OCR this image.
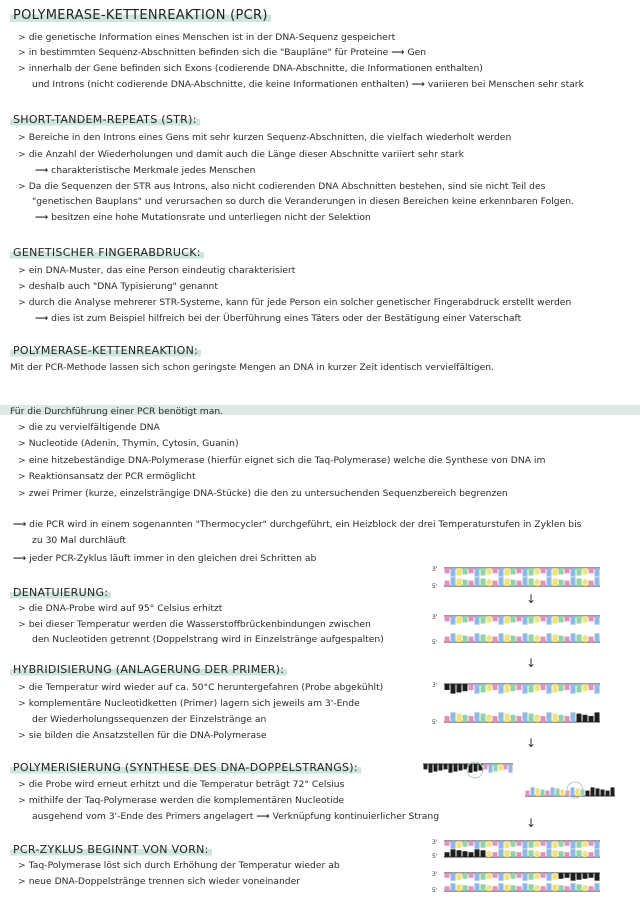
POLYMERASE-KETTENREAKTION (PCR)
> die genetische Information eines Menschen ist in der DNA-Sequenz gespeichert
> in bestimmten Sequenz-Abschnitten befinden sich die "Baupläne" für Proteine ⟶ Gen
> innerhalb der Gene befinden sich Exons (codierende DNA-Abschnitte, die Informationen enthalten)
und Introns (nicht codierende DNA-Abschnitte, die keine Informationen enthalten) ⟶ variieren bei Menschen sehr stark
SHORT-TANDEM-REPEATS (STR):
> Bereiche in den Introns eines Gens mit sehr kurzen Sequenz-Abschnitten, die vielfach wiederholt werden
> die Anzahl der Wiederholungen und damit auch die Länge dieser Abschnitte variiert sehr stark
⟶ charakteristische Merkmale jedes Menschen
> Da die Sequenzen der STR aus Introns, also nicht codierenden DNA Abschnitten bestehen, sind sie nicht Teil des
"genetischen Bauplans" und verursachen so durch die Veranderungen in diesen Bereichen keine erkennbaren Folgen.
⟶ besitzen eine hohe Mutationsrate und unterliegen nicht der Selektion
GENETISCHER FINGERABDRUCK:
> ein DNA-Muster, das eine Person eindeutig charakterisiert
> deshalb auch "DNA Typisierung" genannt
> durch die Analyse mehrerer STR-Systeme, kann für jede Person ein solcher genetischer Fingerabdruck erstellt werden
⟶ dies ist zum Beispiel hilfreich bei der Überführung eines Täters oder der Bestätigung einer Vaterschaft
POLYMERASE-KETTENREAKTION:
Mit der PCR-Methode lassen sich schon geringste Mengen an DNA in kurzer Zeit identisch vervielfältigen.
Für die Durchführung einer PCR benötigt man.
> die zu vervielfältigende DNA
> Nucleotide (Adenin, Thymin, Cytosin, Guanin)
> eine hitzebeständige DNA-Polymerase (hierfür eignet sich die Taq-Polymerase) welche die Synthese von DNA im
> Reaktionsansatz der PCR ermöglicht
> zwei Primer (kurze, einzelsträngige DNA-Stücke) die den zu untersuchenden Sequenzbereich begrenzen
⟶ die PCR wird in einem sogenannten "Thermocycler" durchgeführt, ein Heizblock der drei Temperaturstufen in Zyklen bis
zu 30 Mal durchläuft
⟶ jeder PCR-Zyklus läuft immer in den gleichen drei Schritten ab
DENATUIERUNG:
> die DNA-Probe wird auf 95° Celsius erhitzt
> bei dieser Temperatur werden die Wasserstoffbrückenbindungen zwischen
den Nucleotiden getrennt (Doppelstrang wird in Einzelstränge aufgespalten)
HYBRIDISIERUNG (ANLAGERUNG DER PRIMER):
> die Temperatur wird wieder auf ca. 50°C heruntergefahren (Probe abgekühlt)
> komplementäre Nucleotidketten (Primer) lagern sich jeweils am 3'-Ende
der Wiederholungssequenzen der Einzelstränge an
> sie bilden die Ansatzstellen für die DNA-Polymerase
POLYMERISIERUNG (SYNTHESE DES DNA-DOPPELSTRANGS):
> die Probe wird erneut erhitzt und die Temperatur beträgt 72° Celsius
> mithilfe der Taq-Polymerase werden die komplementären Nucleotide
ausgehend vom 3'-Ende des Primers angelagert ⟶ Verknüpfung kontinuierlicher Strang
PCR-ZYKLUS BEGINNT VON VORN:
> Taq-Polymerase löst sich durch Erhöhung der Temperatur wieder ab
> neue DNA-Doppelstränge trennen sich wieder voneinander
3'
5'
↓
3'
5'
↓
3'
5'
↓
↓
3'
5'
3'
5'
